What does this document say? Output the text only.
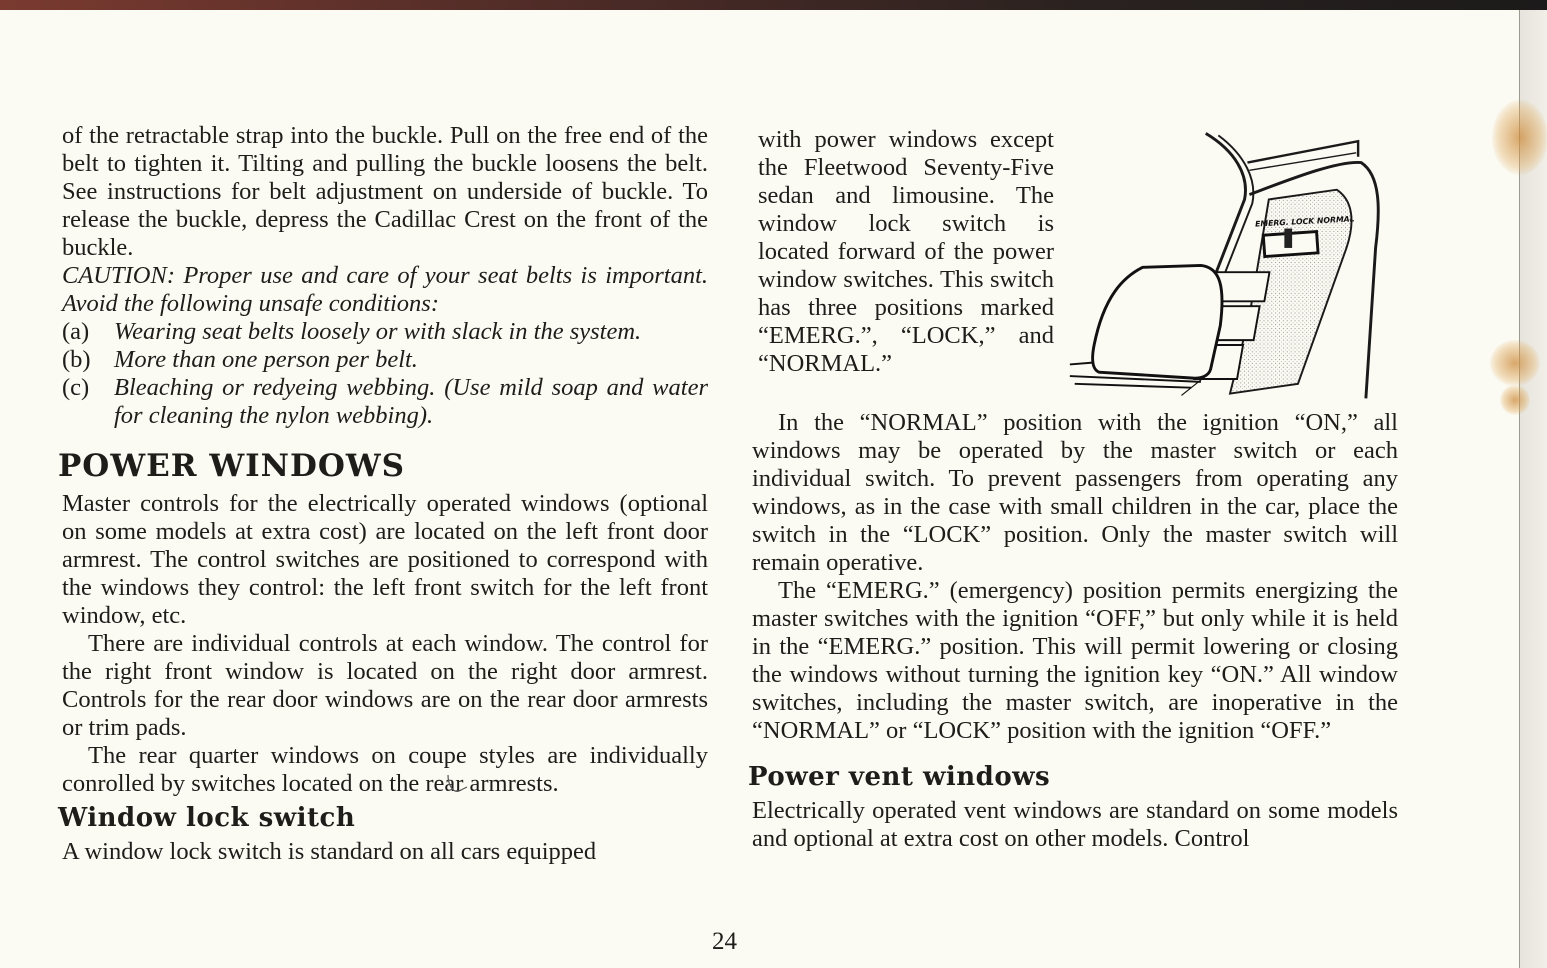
of the retractable strap into the buckle. Pull on the free end of the belt to tighten it. Tilting and pulling the buckle loosens the belt. See instructions for belt adjustment on underside of buckle. To release the buckle, depress the Cadillac Crest on the front of the buckle.

CAUTION: Proper use and care of your seat belts is important. Avoid the following unsafe conditions:

(a)	Wearing seat belts loosely or with slack in the system.
(b) More than one person per belt.
(c)	Bleaching or redyeing webbing. (Use mild soap and water for cleaning the nylon webbing).
POWER WINDOWS

Master controls for the electrically operated windows (optional on some models at extra cost) are located on the left front door armrest. The control switches are positioned to correspond with the windows they control: the left front switch for the left front window, etc.

There are individual controls at each window. The control for the right front window is located on the right door armrest. Controls for the rear door windows are on the rear door armrests or trim pads.

The rear quarter windows on coupe styles are individually conrolled by switches located on the rear armrests.

Window lock switch

A window lock switch is standard on all cars equipped

with power windows except the Fleetwood Seventy-Five sedan and limousine. The window lock switch is located forward of the power window switches. This switch has three positions marked “EMERG.”, “LOCK,” and “NORMAL.”

EMERG. LOCK NORMAL

In the “NORMAL” position with the ignition “ON,” all windows may be operated by the master switch or each individual switch. To prevent passengers from operating any windows, as in the case with small children in the car, place the switch in the “LOCK” position. Only the master switch will remain operative.

The “EMERG.” (emergency) position permits energizing the master switches with the ignition “OFF,” but only while it is held in the “EMERG.” position. This will permit lowering or closing the windows without turning the ignition key “ON.” All window switches, including the master switch, are inoperative in the “NORMAL” or “LOCK” position with the ignition “OFF.”

Power vent windows

Electrically operated vent windows are standard on some models and optional at extra cost on other models. Control

24
